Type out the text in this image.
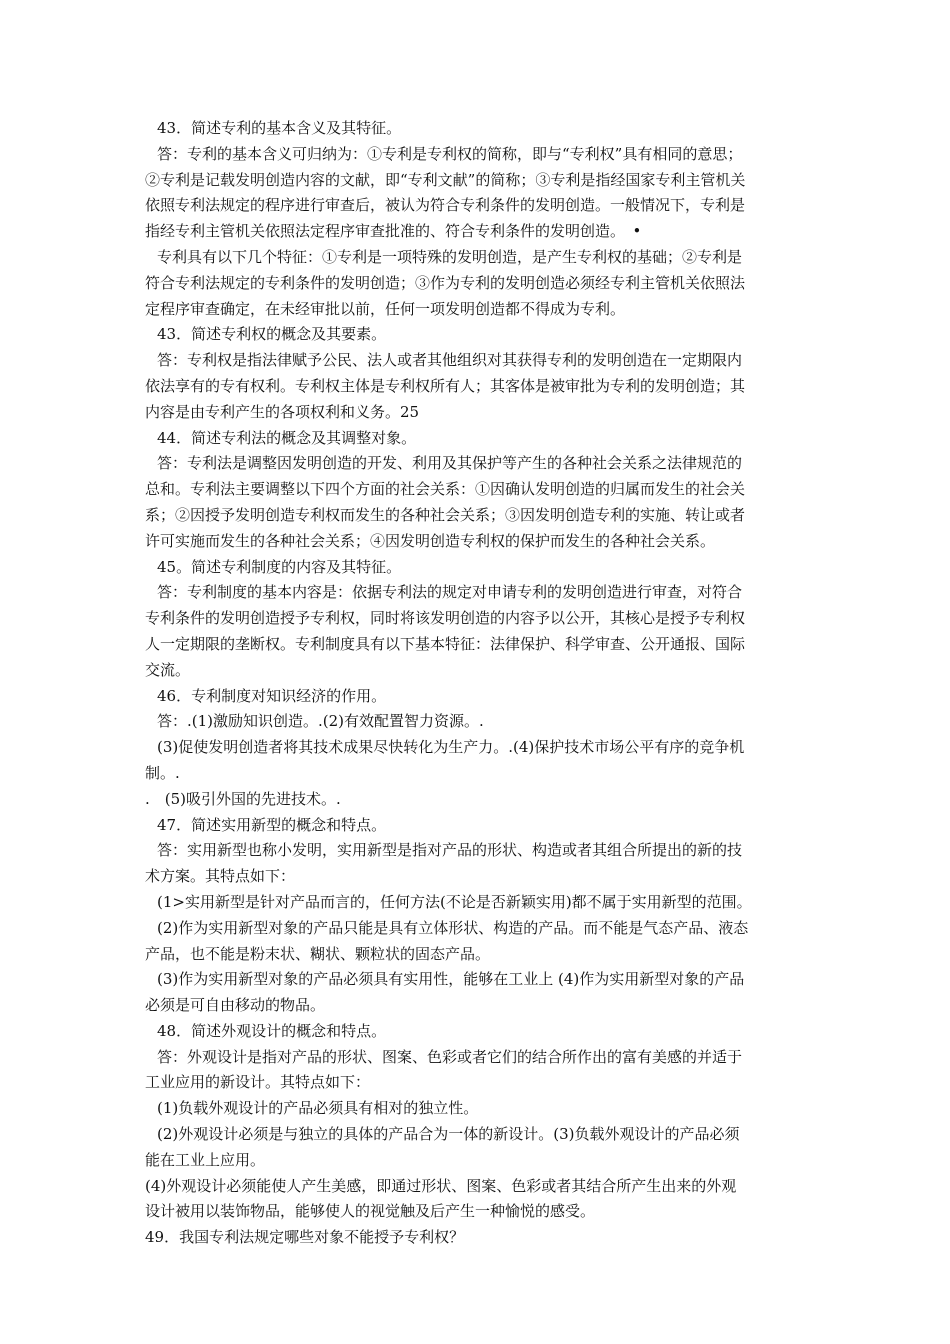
43．简述专利的基本含义及其特征。

答：专利的基本含义可归纳为：①专利是专利权的简称，即与“专利权”具有相同的意思；

②专利是记载发明创造内容的文献，即“专利文献”的简称；③专利是指经国家专利主管机关

依照专利法规定的程序进行审查后，被认为符合专利条件的发明创造。一般情况下，专利是

指经专利主管机关依照法定程序审查批准的、符合专利条件的发明创造。　•

专利具有以下几个特征：①专利是一项特殊的发明创造，是产生专利权的基础；②专利是

符合专利法规定的专利条件的发明创造；③作为专利的发明创造必须经专利主管机关依照法

定程序审查确定，在未经审批以前，任何一项发明创造都不得成为专利。

43．简述专利权的概念及其要素。

答：专利权是指法律赋予公民、法人或者其他组织对其获得专利的发明创造在一定期限内

依法享有的专有权利。专利权主体是专利权所有人；其客体是被审批为专利的发明创造；其

内容是由专利产生的各项权利和义务。25

44．简述专利法的概念及其调整对象。

答：专利法是调整因发明创造的开发、利用及其保护等产生的各种社会关系之法律规范的

总和。专利法主要调整以下四个方面的社会关系：①因确认发明创造的归属而发生的社会关

系；②因授予发明创造专利权而发生的各种社会关系；③因发明创造专利的实施、转让或者

许可实施而发生的各种社会关系；④因发明创造专利权的保护而发生的各种社会关系。

45。简述专利制度的内容及其特征。

答：专利制度的基本内容是：依据专利法的规定对申请专利的发明创造进行审查，对符合

专利条件的发明创造授予专利权，同时将该发明创造的内容予以公开，其核心是授予专利权

人一定期限的垄断权。专利制度具有以下基本特征：法律保护、科学审查、公开通报、国际

交流。

46．专利制度对知识经济的作用。

答：.(1)激励知识创造。.(2)有效配置智力资源。.

(3)促使发明创造者将其技术成果尽快转化为生产力。.(4)保护技术市场公平有序的竞争机

制。.

.　(5)吸引外国的先进技术。.

47．简述实用新型的概念和特点。

答：实用新型也称小发明，实用新型是指对产品的形状、构造或者其组合所提出的新的技

术方案。其特点如下：

(1>实用新型是针对产品而言的，任何方法(不论是否新颖实用)都不属于实用新型的范围。

(2)作为实用新型对象的产品只能是具有立体形状、构造的产品。而不能是气态产品、液态

产品，也不能是粉末状、糊状、颗粒状的固态产品。

(3)作为实用新型对象的产品必须具有实用性，能够在工业上 (4)作为实用新型对象的产品

必须是可自由移动的物品。

48．简述外观设计的概念和特点。

答：外观设计是指对产品的形状、图案、色彩或者它们的结合所作出的富有美感的并适于

工业应用的新设计。其特点如下：

(1)负载外观设计的产品必须具有相对的独立性。

(2)外观设计必须是与独立的具体的产品合为一体的新设计。(3)负载外观设计的产品必须

能在工业上应用。

(4)外观设计必须能使人产生美感，即通过形状、图案、色彩或者其结合所产生出来的外观

设计被用以装饰物品，能够使人的视觉触及后产生一种愉悦的感受。

49．我国专利法规定哪些对象不能授予专利权？
